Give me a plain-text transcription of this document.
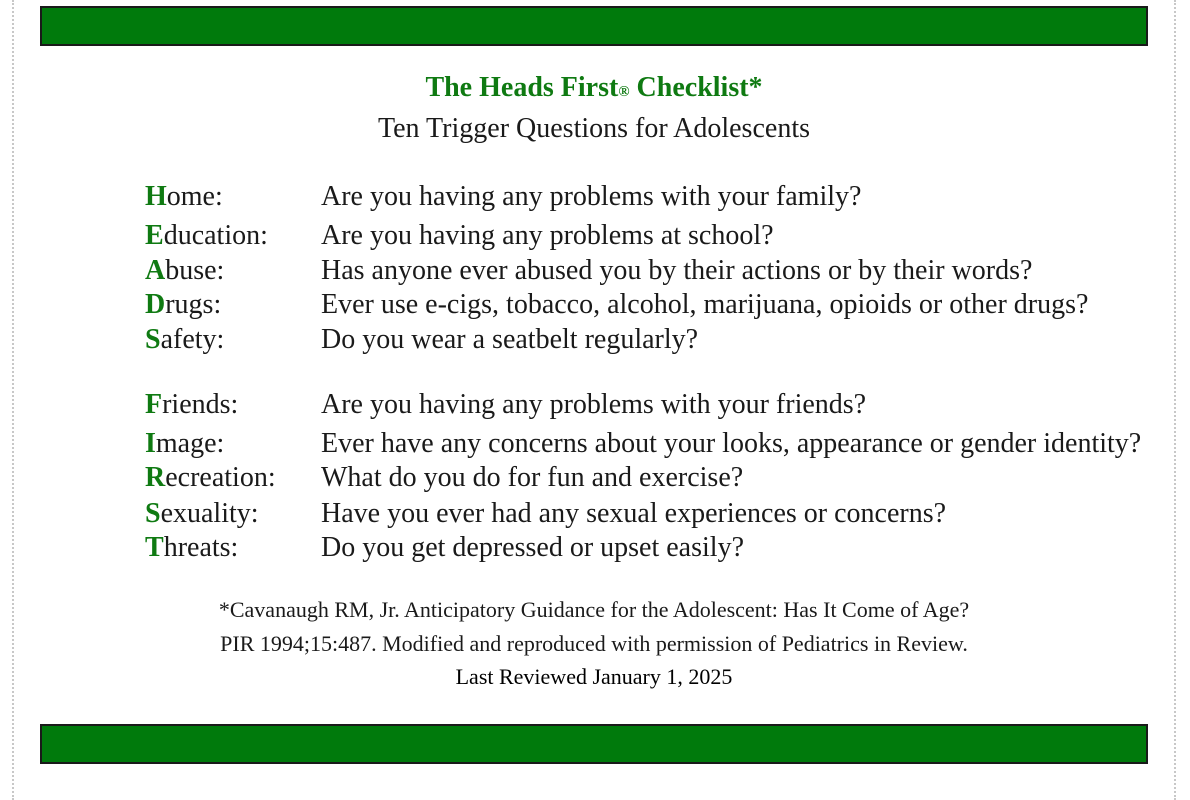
The Heads First® Checklist*
Ten Trigger Questions for Adolescents
Home:	Are you having any problems with your family?
Education: Are you having any problems at school?
Abuse:	Has anyone ever abused you by their actions or by their words?
Drugs:	Ever use e-cigs, tobacco, alcohol, marijuana, opioids or other drugs?
Safety:	Do you wear a seatbelt regularly?
Friends:	Are you having any problems with your friends?
Image:	Ever have any concerns about your looks, appearance or gender identity?
Recreation: What do you do for fun and exercise?
Sexuality: Have you ever had any sexual experiences or concerns?
Threats:	Do you get depressed or upset easily?
*Cavanaugh RM, Jr. Anticipatory Guidance for the Adolescent: Has It Come of Age?
PIR 1994;15:487. Modified and reproduced with permission of Pediatrics in Review.
Last Reviewed January 1, 2025
